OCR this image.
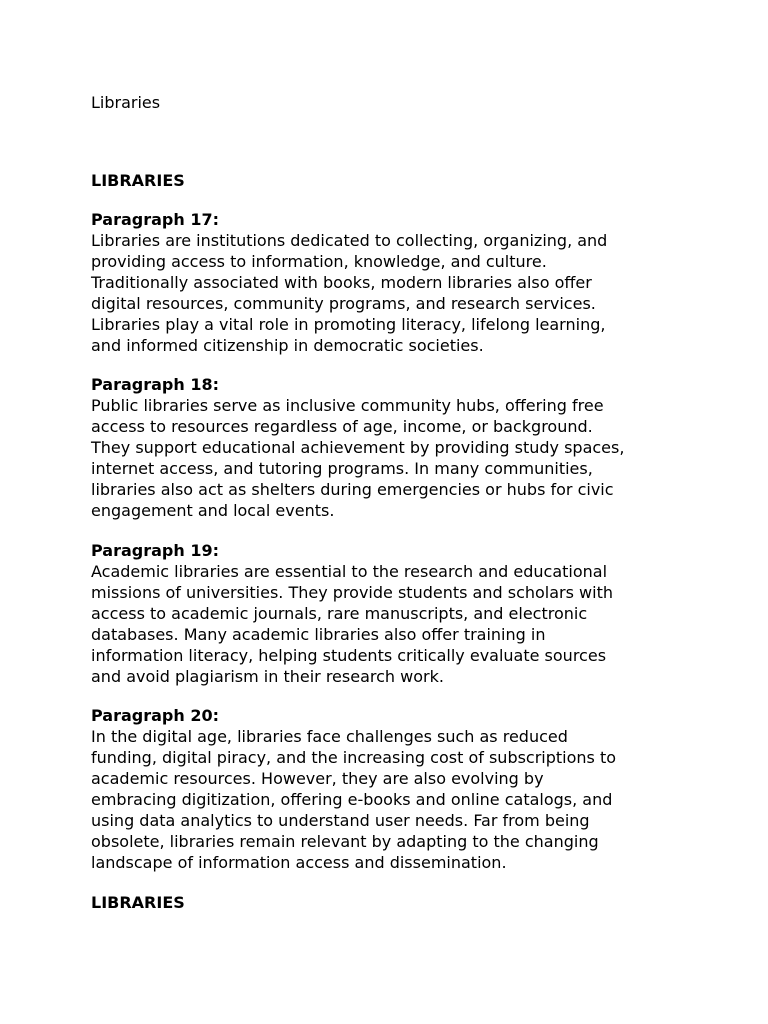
Libraries
LIBRARIES
Paragraph 17:
Libraries are institutions dedicated to collecting, organizing, and
providing access to information, knowledge, and culture.
Traditionally associated with books, modern libraries also offer
digital resources, community programs, and research services.
Libraries play a vital role in promoting literacy, lifelong learning,
and informed citizenship in democratic societies.
Paragraph 18:
Public libraries serve as inclusive community hubs, offering free
access to resources regardless of age, income, or background.
They support educational achievement by providing study spaces,
internet access, and tutoring programs. In many communities,
libraries also act as shelters during emergencies or hubs for civic
engagement and local events.
Paragraph 19:
Academic libraries are essential to the research and educational
missions of universities. They provide students and scholars with
access to academic journals, rare manuscripts, and electronic
databases. Many academic libraries also offer training in
information literacy, helping students critically evaluate sources
and avoid plagiarism in their research work.
Paragraph 20:
In the digital age, libraries face challenges such as reduced
funding, digital piracy, and the increasing cost of subscriptions to
academic resources. However, they are also evolving by
embracing digitization, offering e-books and online catalogs, and
using data analytics to understand user needs. Far from being
obsolete, libraries remain relevant by adapting to the changing
landscape of information access and dissemination.
LIBRARIES
